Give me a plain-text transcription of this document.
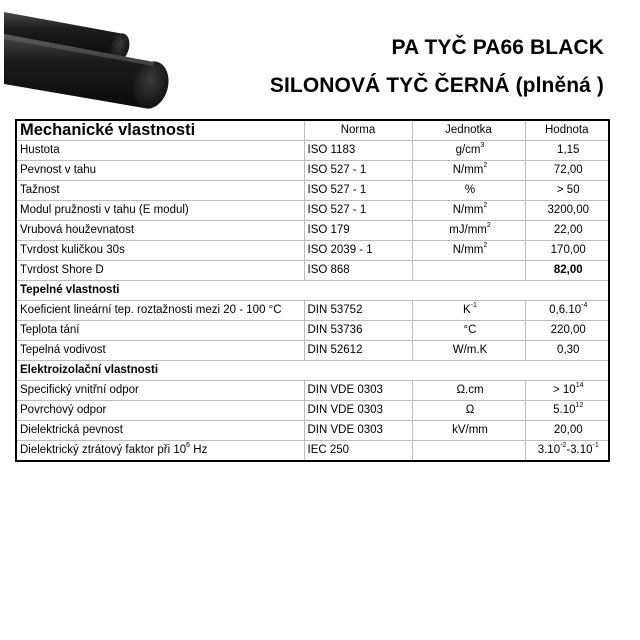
PA TYČ PA66 BLACK
SILONOVÁ TYČ ČERNÁ (plněná )
Mechanické vlastnosti	Norma	Jednotka	Hodnota
Hustota	ISO 1183	$g/cm^3$	1,15
Pevnost v tahu	ISO 527 - 1	$N/mm^2$	72,00
Tažnost	ISO 527 - 1	%	> 50
Modul pružnosti v tahu (E modul)	ISO 527 - 1	$N/mm^2$	3200,00
Vrubová houževnatost	ISO 179	$mJ/mm^2$	22,00
Tvrdost kuličkou 30s	ISO 2039 - 1	$N/mm^2$	170,00
Tvrdost Shore D	ISO 868		82,00
Tepelné vlastnosti			
Koeficient lineární tep. roztažnosti mezi 20 - 100 °C	DIN 53752	$K^{-1}$	$0,6.10^{-4}$
Teplota tání	DIN 53736	°C	220,00
Tepelná vodivost	DIN 52612	W/m.K	0,30
Elektroizolační vlastnosti			
Specifický vnitřní odpor	DIN VDE 0303	Ω.cm	> $10^{14}$
Povrchový odpor	DIN VDE 0303	Ω	5.10$^{12}$
Dielektrická pevnost	DIN VDE 0303	kV/mm	20,00
Dielektrický ztrátový faktor při $10^6$ Hz	IEC 250		$3.10^{-2}-3.10^{-1}$
